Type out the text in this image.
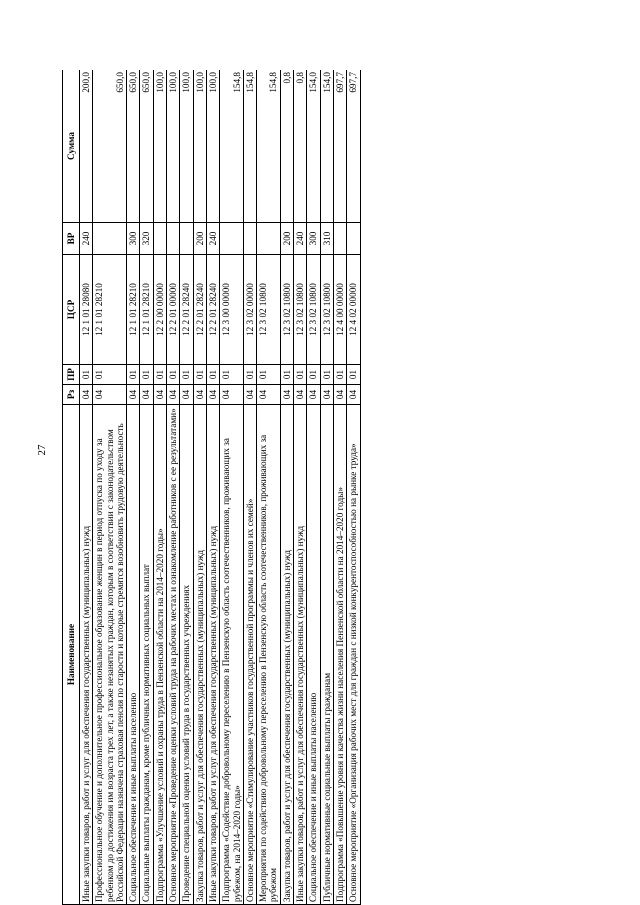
27
Наименование	Рз	ПР	ЦСР	ВР	Сумма
Иные закупки товаров, работ и услуг для обеспечения государственных (муниципальных) нужд	04	01	12 1 01 28080	240	200,0
Профессиональное обучение и дополнительное профессиональное образование женщин в период отпуска по уходу за ребенком до достижения им возраста трех лет, а также незанятых граждан, которым в соответствии с законодательством Российской Федерации назначена страховая пенсия по старости и которые стремятся возобновить трудовую деятельность	04	01	12 1 01 28210		650,0
Социальное обеспечение и иные выплаты населению	04	01	12 1 01 28210	300	650,0
Социальные выплаты гражданам, кроме публичных нормативных социальных выплат	04	01	12 1 01 28210	320	650,0
Подпрограмма «Улучшение условий и охраны труда в Пензенской области на 2014–2020 годы»	04	01	12 2 00 00000		100,0
Основное мероприятие «Проведение оценки условий труда на рабочих местах и ознакомление работников с ее результатами»	04	01	12 2 01 00000		100,0
Проведение специальной оценки условий труда в государственных учреждениях	04	01	12 2 01 28240		100,0
Закупка товаров, работ и услуг для обеспечения государственных (муниципальных) нужд	04	01	12 2 01 28240	200	100,0
Иные закупки товаров, работ и услуг для обеспечения государственных (муниципальных) нужд	04	01	12 2 01 28240	240	100,0
Подпрограмма «Содействие добровольному переселению в Пензенскую область соотечественников, проживающих за рубежом, на 2014–2020 годы»	04	01	12 3 00 00000		154,8
Основное мероприятие «Стимулирование участников государственной программы и членов их семей»	04	01	12 3 02 00000		154,8
Мероприятия по содействию добровольному переселению в Пензенскую область соотечественников, проживающих за рубежом	04	01	12 3 02 10800		154,8
Закупка товаров, работ и услуг для обеспечения государственных (муниципальных) нужд	04	01	12 3 02 10800	200	0,8
Иные закупки товаров, работ и услуг для обеспечения государственных (муниципальных) нужд	04	01	12 3 02 10800	240	0,8
Социальное обеспечение и иные выплаты населению	04	01	12 3 02 10800	300	154,0
Публичные нормативные социальные выплаты гражданам	04	01	12 3 02 10800	310	154,0
Подпрограмма «Повышение уровня и качества жизни населения Пензенской области на 2014–2020 годы»	04	01	12 4 00 00000		697,7
Основное мероприятие «Организация рабочих мест для граждан с низкой конкурентоспособностью на рынке труда»	04	01	12 4 02 00000		697,7
